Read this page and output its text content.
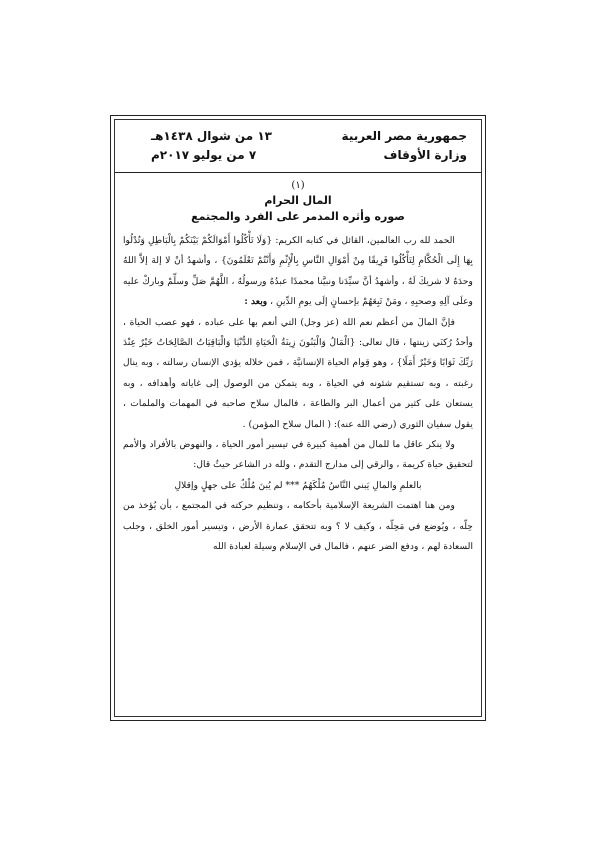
جمهورية مصر العربية
وزارة الأوقاف
١٣ من شوال ١٤٣٨هـ
٧ من يوليو ٢٠١٧م
(١)
المال الحرام
صوره وأثره المدمر على الفرد والمجتمع

الحمد لله رب العالمين، القائل في كتابه الكريم: {وَلَا تَأْكُلُوا أَمْوَالَكُمْ بَيْنَكُمْ بِالْبَاطِلِ وَتُدْلُوا بِهَا إِلَى الْحُكَّامِ لِتَأْكُلُوا فَرِيقًا مِنْ أَمْوَالِ النَّاسِ بِالْإِثْمِ وَأَنْتُمْ تَعْلَمُونَ} ، وأشهدُ أنْ لا إلهَ إلاَّ اللهُ وحدَهُ لا شريكَ لَهُ ، وأشهدُ أنَّ سيِّدَنا ونبيَّنا محمدًا عبدُهُ ورسولُهُ ، اللَّهُمَّ صَلِّ وسلِّمْ وباركْ عليه وعلَى آلِهِ وصحبِهِ ، ومَنْ تَبِعَهُمْ بإحسانٍ إلَى يومِ الدِّينِ ، وبعد :

فإنَّ المالَ من أعظم نعم الله (عز وجل) التي أنعم بها على عباده ، فهو عصب الحياة ، وأحدُ رُكنَي زينتها ، قال تعالى: {الْمَالُ وَالْبَنُونَ زِينَةُ الْحَيَاةِ الدُّنْيَا وَالْبَاقِيَاتُ الصَّالِحَاتُ خَيْرٌ عِنْدَ رَبِّكَ ثَوَابًا وَخَيْرٌ أَمَلًا} ، وهو قِوام الحياة الإنسانيَّة ، فمن خلاله يؤدي الإنسان رسالته ، وبه ينال رغبته ، وبه تستقيم شئونه في الحياة ، وبه يتمكن من الوصول إلى غاياته وأهدافه ، وبه يستعان على كثير من أعمال البر والطاعة ، فالمال سلاح صاحبه في المهمات والملمات ، يقول سفيان الثوري (رضي الله عنه): ( المال سلاح المؤمن) .

ولا ينكر عاقل ما للمال من أهمية كبيرة في تيسير أمور الحياة ، والنهوض بالأفراد والأمم لتحقيق حياة كريمة ، والرقي إلى مدارج التقدم ، ولله در الشاعر حيثُ قال:

بالعلمِ والمالِ يَبني النَّاسُ مُلْكَهُمُ *** لم يُبنَ مُلْكٌ على جهلٍ وإقلالِ

ومن هنا اهتمت الشريعة الإسلامية بأحكامه ، وتنظيم حركته في المجتمع ، بأن يُؤخذ من حِلّه ، ويُوضع في مَحِلّه ، وكيف لا ؟ وبه تتحقق عمارة الأرض ، وتيسير أمور الخلق ، وجلب السعادة لهم ، ودفع الضر عنهم ، فالمال في الإسلام وسيلة لعبادة الله
